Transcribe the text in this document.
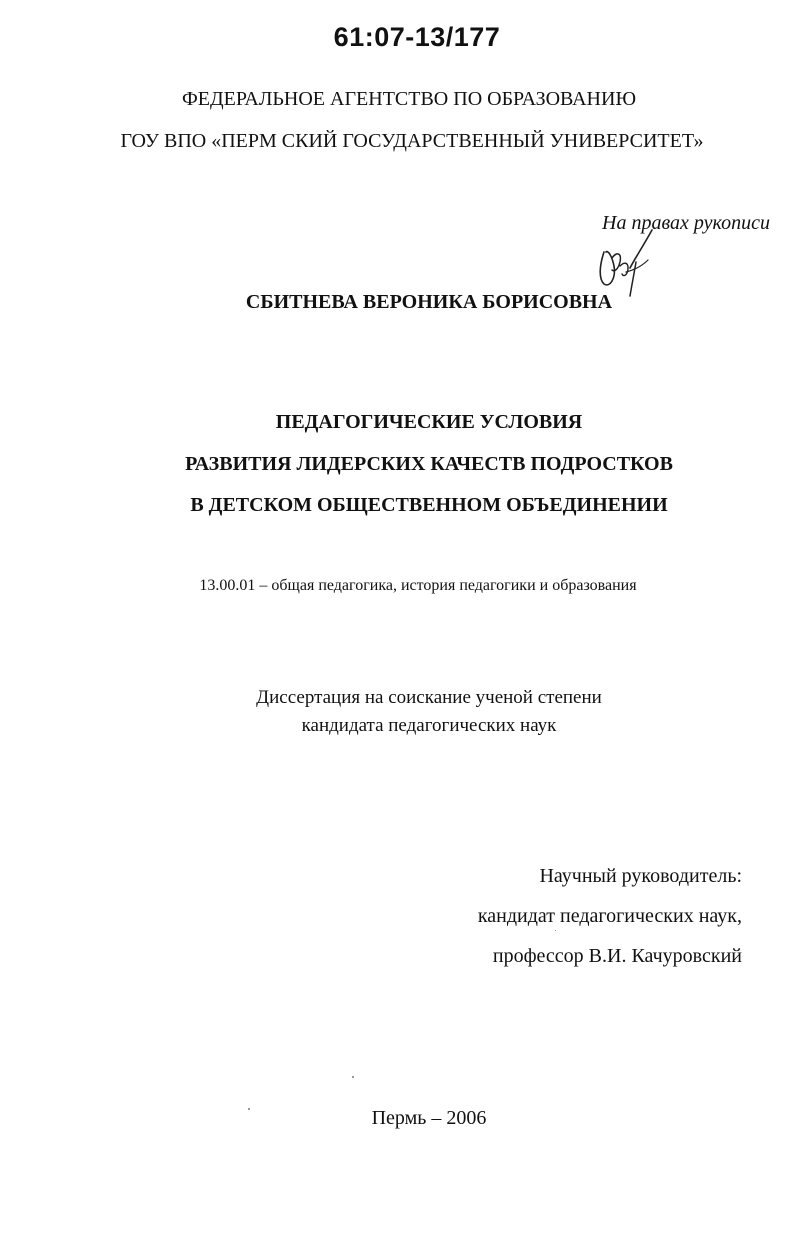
61:07-13/177
ФЕДЕРАЛЬНОЕ АГЕНТСТВО ПО ОБРАЗОВАНИЮ
ГОУ ВПО «ПЕРМ СКИЙ ГОСУДАРСТВЕННЫЙ УНИВЕРСИТЕТ»
На правах рукописи
СБИТНЕВА ВЕРОНИКА БОРИСОВНА
ПЕДАГОГИЧЕСКИЕ УСЛОВИЯ
РАЗВИТИЯ ЛИДЕРСКИХ КАЧЕСТВ ПОДРОСТКОВ
В ДЕТСКОМ ОБЩЕСТВЕННОМ ОБЪЕДИНЕНИИ
13.00.01 – общая педагогика, история педагогики и образования
Диссертация на соискание ученой степени
кандидата педагогических наук
Научный руководитель:
кандидат педагогических наук,
профессор В.И. Качуровский
Пермь – 2006
